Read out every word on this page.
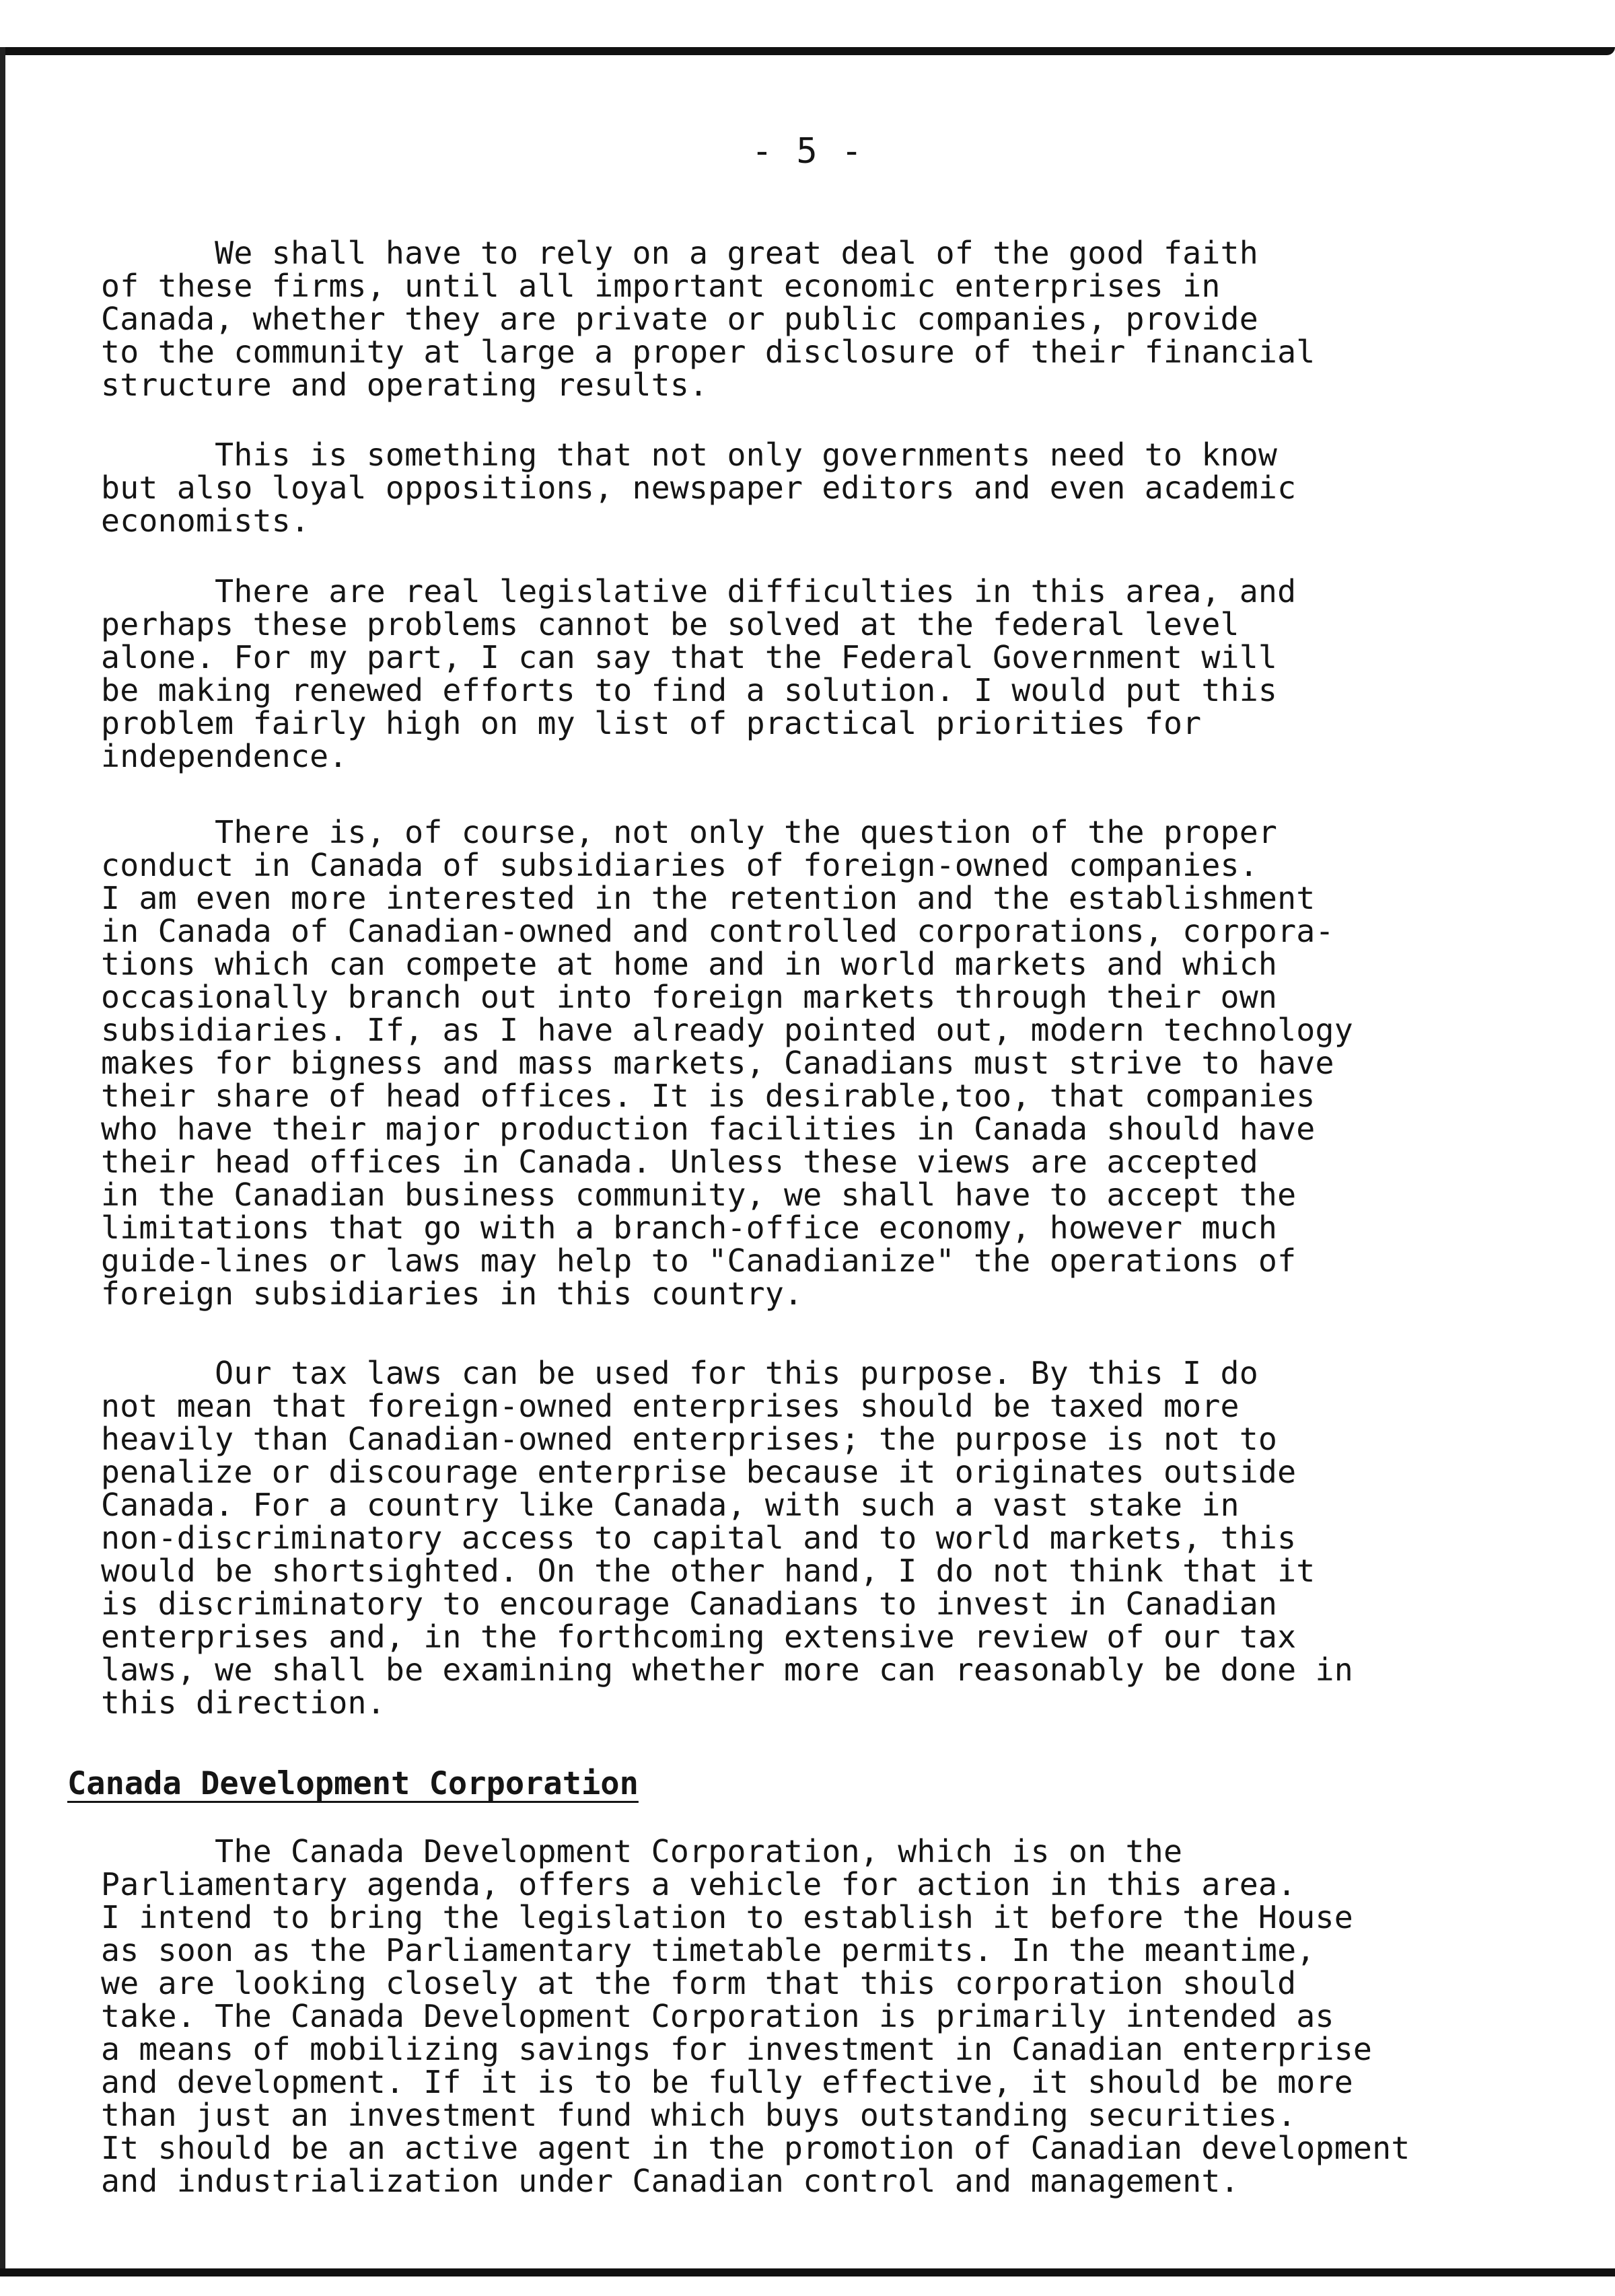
- 5 -

We shall have to rely on a great deal of the good faith
of these firms, until all important economic enterprises in
Canada, whether they are private or public companies, provide
to the community at large a proper disclosure of their financial
structure and operating results.

This is something that not only governments need to know
but also loyal oppositions, newspaper editors and even academic
economists.

There are real legislative difficulties in this area, and
perhaps these problems cannot be solved at the federal level
alone. For my part, I can say that the Federal Government will
be making renewed efforts to find a solution. I would put this
problem fairly high on my list of practical priorities for
independence.

There is, of course, not only the question of the proper
conduct in Canada of subsidiaries of foreign-owned companies.
I am even more interested in the retention and the establishment
in Canada of Canadian-owned and controlled corporations, corpora-
tions which can compete at home and in world markets and which
occasionally branch out into foreign markets through their own
subsidiaries. If, as I have already pointed out, modern technology
makes for bigness and mass markets, Canadians must strive to have
their share of head offices. It is desirable,too, that companies
who have their major production facilities in Canada should have
their head offices in Canada. Unless these views are accepted
in the Canadian business community, we shall have to accept the
limitations that go with a branch-office economy, however much
guide-lines or laws may help to "Canadianize" the operations of
foreign subsidiaries in this country.

Our tax laws can be used for this purpose. By this I do
not mean that foreign-owned enterprises should be taxed more
heavily than Canadian-owned enterprises; the purpose is not to
penalize or discourage enterprise because it originates outside
Canada. For a country like Canada, with such a vast stake in
non-discriminatory access to capital and to world markets, this
would be shortsighted. On the other hand, I do not think that it
is discriminatory to encourage Canadians to invest in Canadian
enterprises and, in the forthcoming extensive review of our tax
laws, we shall be examining whether more can reasonably be done in
this direction.

Canada Development Corporation

The Canada Development Corporation, which is on the
Parliamentary agenda, offers a vehicle for action in this area.
I intend to bring the legislation to establish it before the House
as soon as the Parliamentary timetable permits. In the meantime,
we are looking closely at the form that this corporation should
take. The Canada Development Corporation is primarily intended as
a means of mobilizing savings for investment in Canadian enterprise
and development. If it is to be fully effective, it should be more
than just an investment fund which buys outstanding securities.
It should be an active agent in the promotion of Canadian development
and industrialization under Canadian control and management.
